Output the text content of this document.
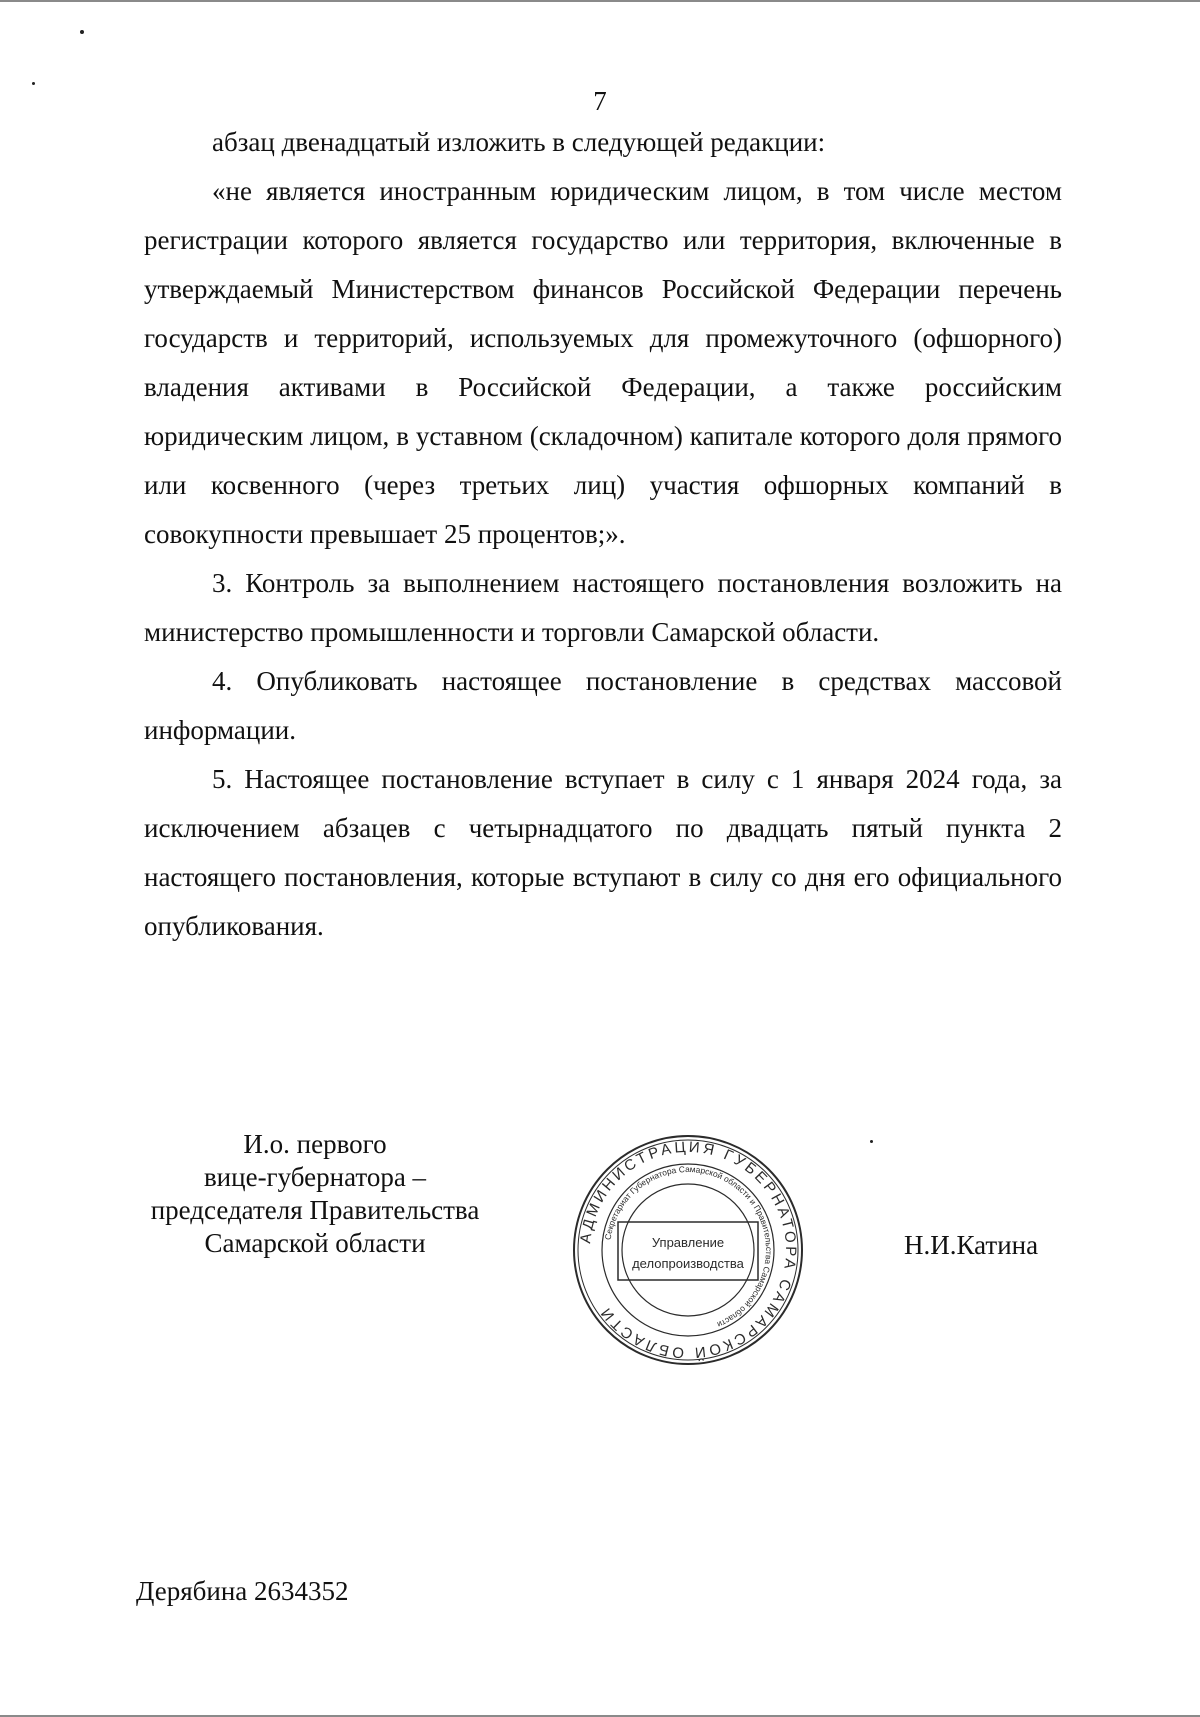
7

абзац двенадцатый изложить в следующей редакции:

«не является иностранным юридическим лицом, в том числе местом регистрации которого является государство или территория, включенные в утверждаемый Министерством финансов Российской Федерации перечень государств и территорий, используемых для промежуточного (офшорного) владения активами в Российской Федерации, а также российским юридическим лицом, в уставном (складочном) капитале которого доля прямого или косвенного (через третьих лиц) участия офшорных компаний в совокупности превышает 25 процентов;».

3. Контроль за выполнением настоящего постановления возложить на министерство промышленности и торговли Самарской области.

4. Опубликовать настоящее постановление в средствах массовой информации.

5. Настоящее постановление вступает в силу с 1 января 2024 года, за исключением абзацев с четырнадцатого по двадцать пятый пункта 2 настоящего постановления, которые вступают в силу со дня его официального опубликования.

И.о. первого
вице-губернатора –
председателя Правительства
Самарской области	АДМИНИСТРАЦИЯ ГУБЕРНАТОРА САМАРСКОЙ ОБЛАСТИ
Секретариат Губернатора Самарской области и Правительства Самарской области
Управление
делопроизводства
Н.И.Катина
Дерябина 2634352
